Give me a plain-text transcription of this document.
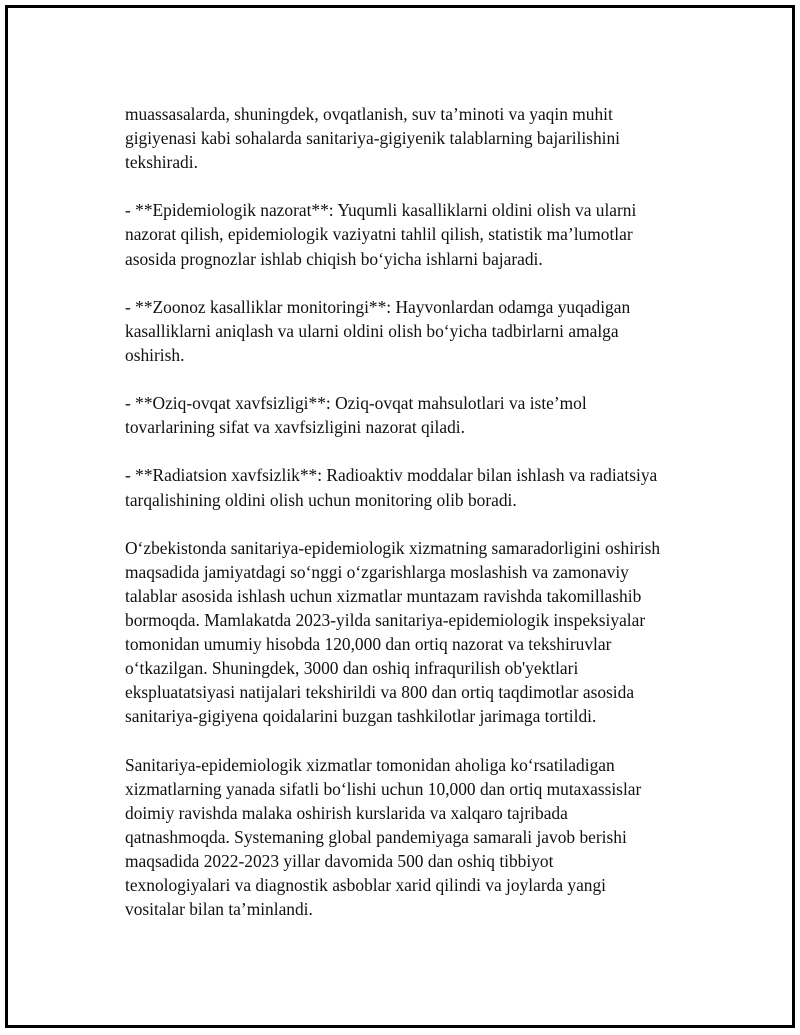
muassasalarda, shuningdek, ovqatlanish, suv ta’minoti va yaqin muhit
gigiyenasi kabi sohalarda sanitariya-gigiyenik talablarning bajarilishini
tekshiradi.

- **Epidemiologik nazorat**: Yuqumli kasalliklarni oldini olish va ularni
nazorat qilish, epidemiologik vaziyatni tahlil qilish, statistik ma’lumotlar
asosida prognozlar ishlab chiqish bo‘yicha ishlarni bajaradi.

- **Zoonoz kasalliklar monitoringi**: Hayvonlardan odamga yuqadigan
kasalliklarni aniqlash va ularni oldini olish bo‘yicha tadbirlarni amalga
oshirish.

- **Oziq-ovqat xavfsizligi**: Oziq-ovqat mahsulotlari va iste’mol
tovarlarining sifat va xavfsizligini nazorat qiladi.

- **Radiatsion xavfsizlik**: Radioaktiv moddalar bilan ishlash va radiatsiya
tarqalishining oldini olish uchun monitoring olib boradi.

O‘zbekistonda sanitariya-epidemiologik xizmatning samaradorligini oshirish
maqsadida jamiyatdagi so‘nggi o‘zgarishlarga moslashish va zamonaviy
talablar asosida ishlash uchun xizmatlar muntazam ravishda takomillashib
bormoqda. Mamlakatda 2023-yilda sanitariya-epidemiologik inspeksiyalar
tomonidan umumiy hisobda 120,000 dan ortiq nazorat va tekshiruvlar
o‘tkazilgan. Shuningdek, 3000 dan oshiq infraqurilish ob'yektlari
ekspluatatsiyasi natijalari tekshirildi va 800 dan ortiq taqdimotlar asosida
sanitariya-gigiyena qoidalarini buzgan tashkilotlar jarimaga tortildi.

Sanitariya-epidemiologik xizmatlar tomonidan aholiga ko‘rsatiladigan
xizmatlarning yanada sifatli bo‘lishi uchun 10,000 dan ortiq mutaxassislar
doimiy ravishda malaka oshirish kurslarida va xalqaro tajribada
qatnashmoqda. Systemaning global pandemiyaga samarali javob berishi
maqsadida 2022-2023 yillar davomida 500 dan oshiq tibbiyot
texnologiyalari va diagnostik asboblar xarid qilindi va joylarda yangi
vositalar bilan ta’minlandi.
